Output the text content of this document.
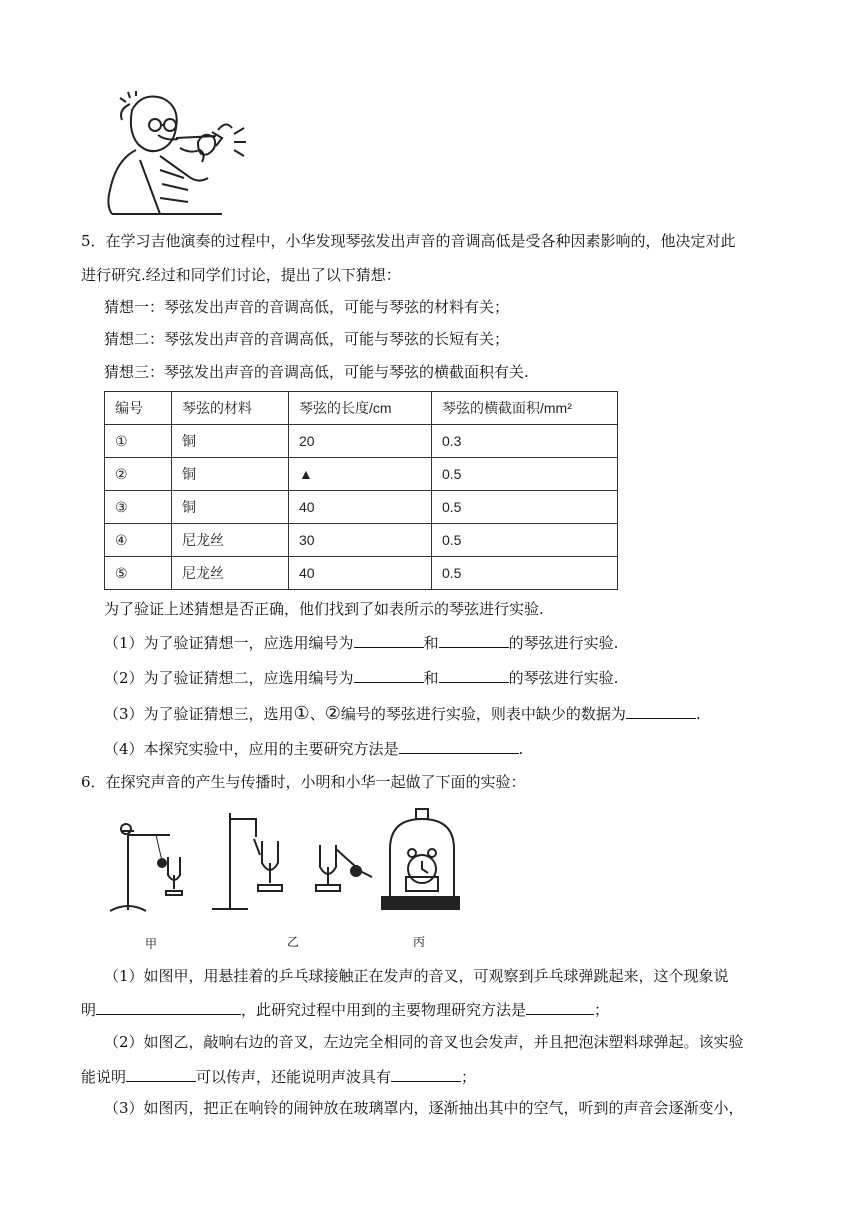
5．在学习吉他演奏的过程中，小华发现琴弦发出声音的音调高低是受各种因素影响的，他决定对此
进行研究.经过和同学们讨论，提出了以下猜想：
猜想一：琴弦发出声音的音调高低，可能与琴弦的材料有关；
猜想二：琴弦发出声音的音调高低，可能与琴弦的长短有关；
猜想三：琴弦发出声音的音调高低，可能与琴弦的横截面积有关.
编号	琴弦的材料	琴弦的长度/cm	琴弦的横截面积/mm²
①	铜	20	0.3
②	铜	▲	0.5
③	铜	40	0.5
④	尼龙丝	30	0.5
⑤	尼龙丝	40	0.5
为了验证上述猜想是否正确，他们找到了如表所示的琴弦进行实验.
（1）为了验证猜想一，应选用编号为	和	的琴弦进行实验.
（2）为了验证猜想二，应选用编号为	和	的琴弦进行实验.
（3）为了验证猜想三，选用①、②编号的琴弦进行实验，则表中缺少的数据为	.
（4）本探究实验中，应用的主要研究方法是	.
6．在探究声音的产生与传播时，小明和小华一起做了下面的实验：
甲	乙	丙
（1）如图甲，用悬挂着的乒乓球接触正在发声的音叉，可观察到乒乓球弹跳起来，这个现象说
明	，此研究过程中用到的主要物理研究方法是	；
（2）如图乙，敲响右边的音叉，左边完全相同的音叉也会发声，并且把泡沫塑料球弹起。该实验
能说明	可以传声，还能说明声波具有	；
（3）如图丙，把正在响铃的闹钟放在玻璃罩内，逐渐抽出其中的空气，听到的声音会逐渐变小，
